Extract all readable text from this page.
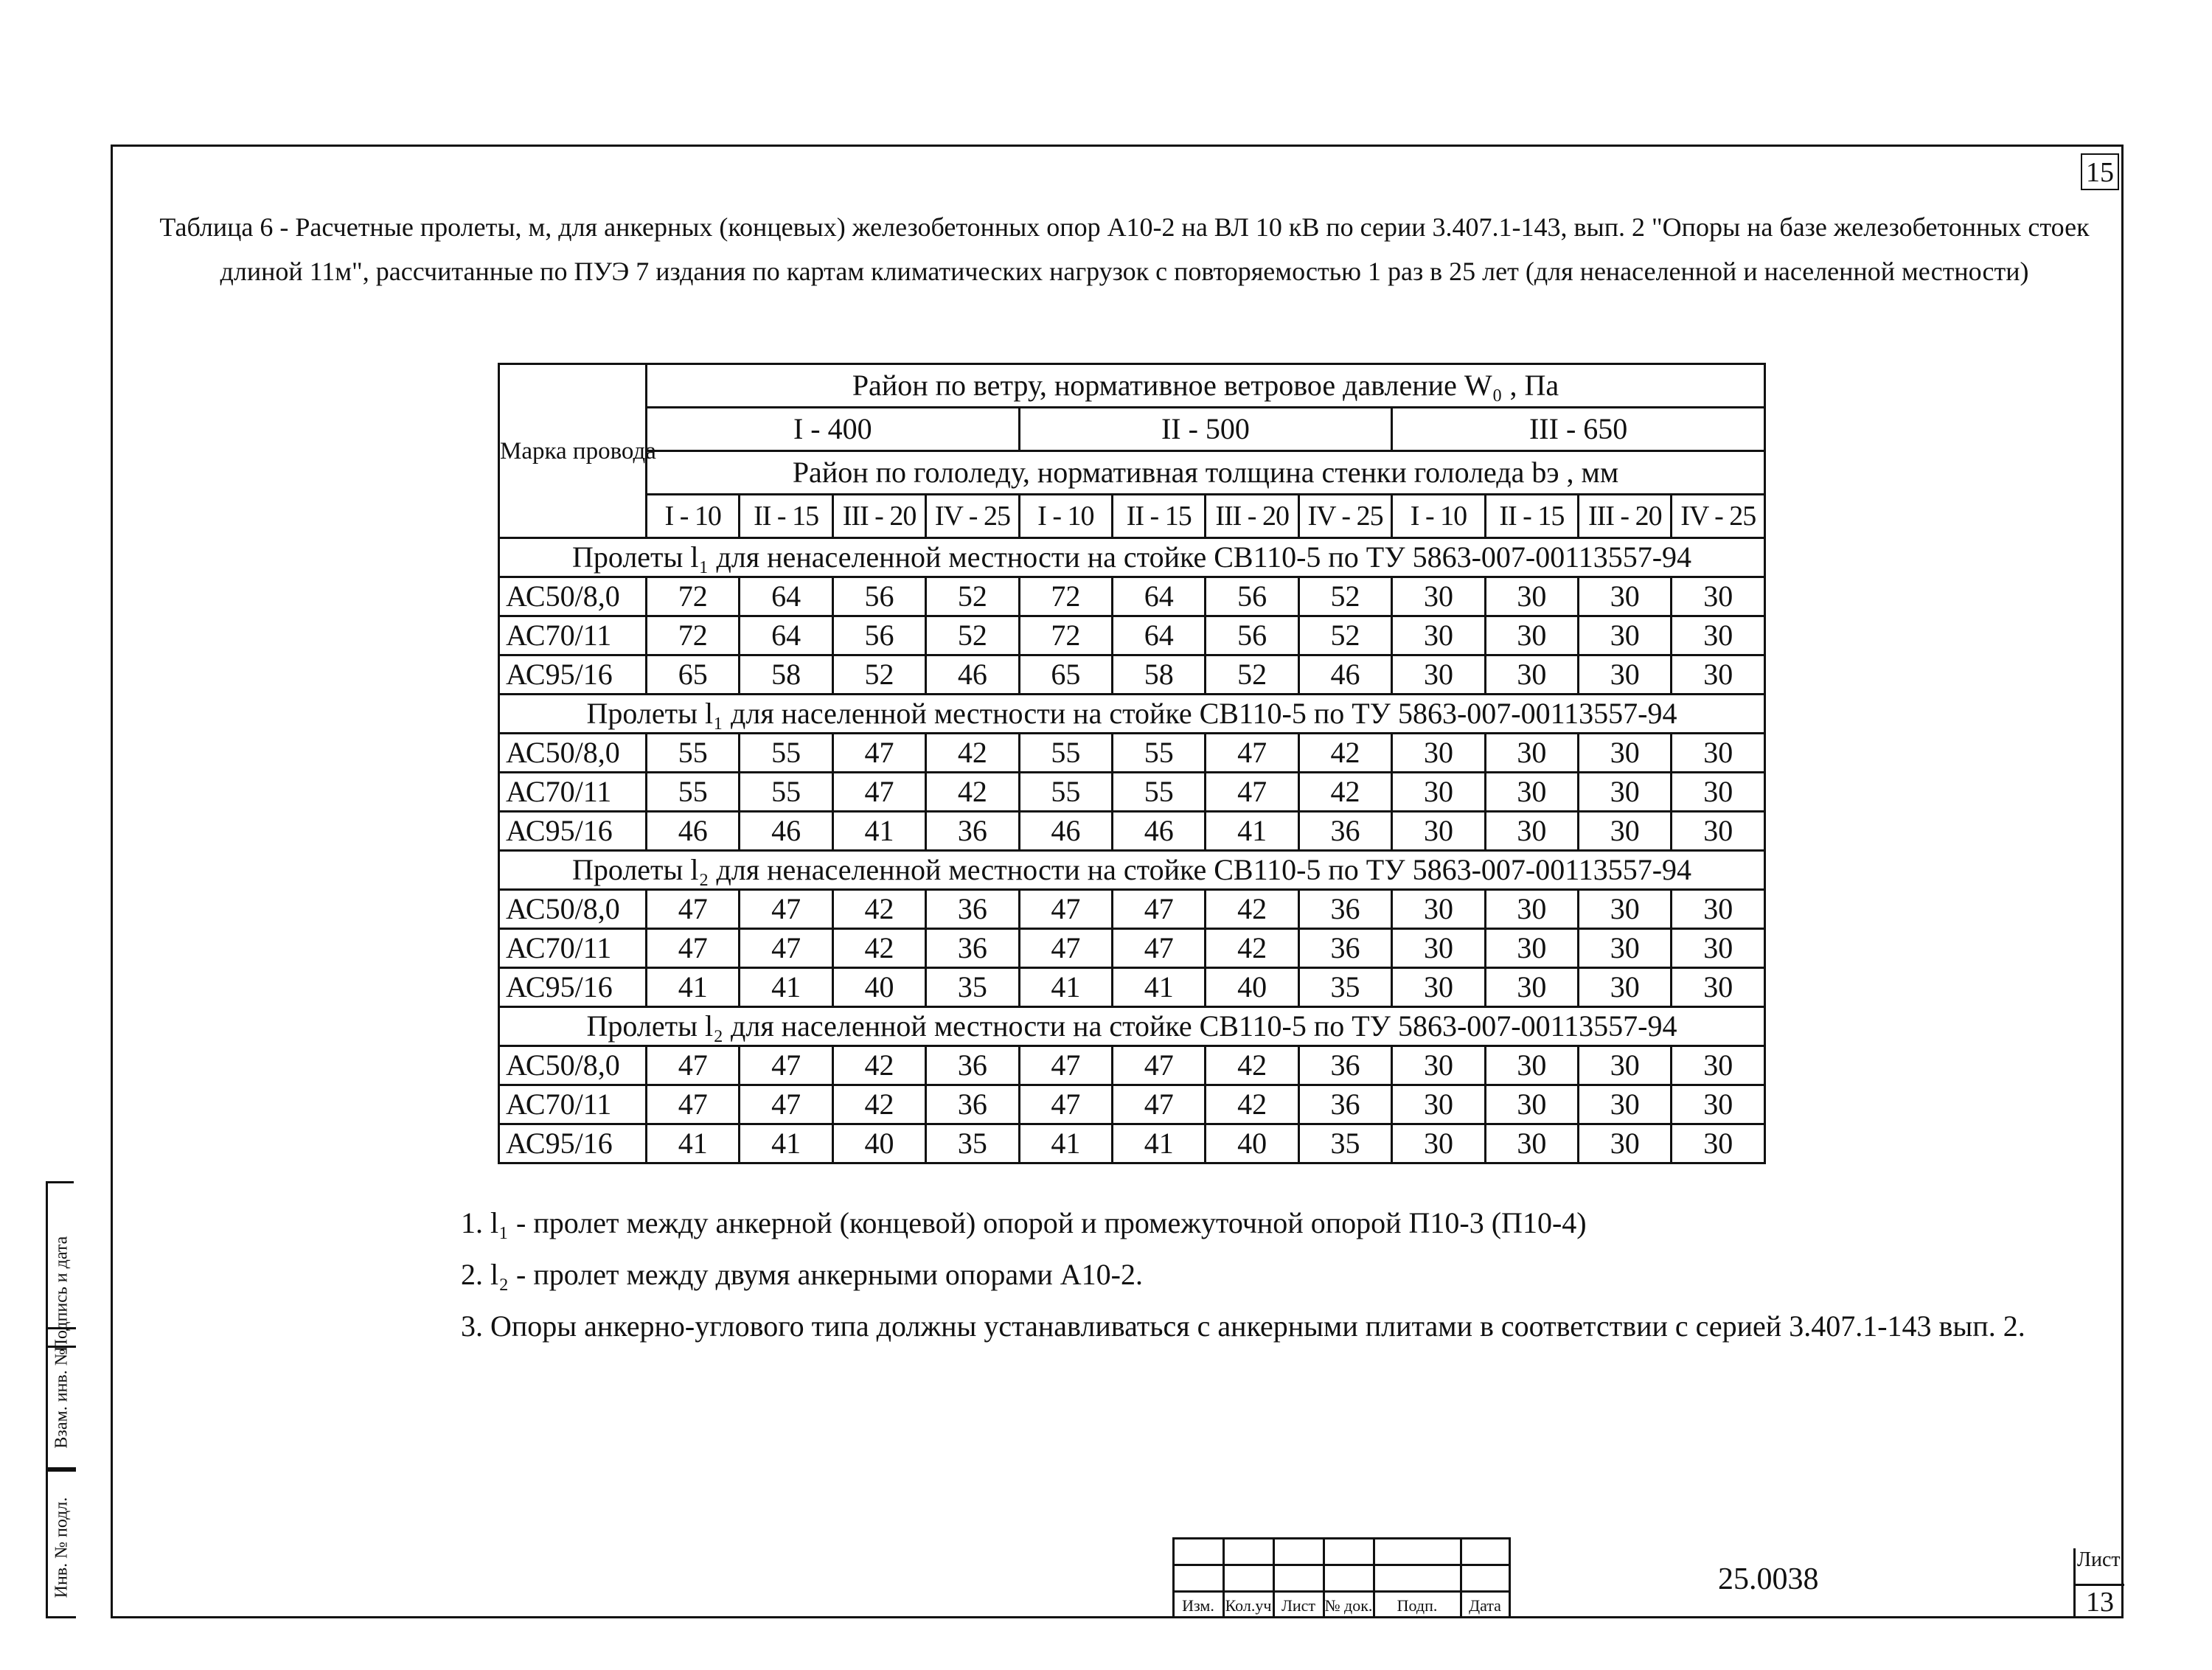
15
Таблица 6 - Расчетные пролеты, м, для анкерных (концевых) железобетонных опор А10-2 на ВЛ 10 кВ по серии 3.407.1-143, вып. 2 "Опоры на базе железобетонных стоек
длиной 11м", рассчитанные по ПУЭ 7 издания по картам климатических нагрузок с повторяемостью 1 раз в 25 лет (для ненаселенной и населенной местности)
Марка провода	Район по ветру, нормативное ветровое давление W₀ , Па											
	I - 400				II - 500				III - 650			
	Район по гололеду, нормативная толщина стенки гололеда bэ , мм											
	I - 10	II - 15	III - 20	IV - 25	I - 10	II - 15	III - 20	IV - 25	I - 10	II - 15	III - 20	IV - 25
Пролеты l₁ для ненаселенной местности на стойке СВ110-5 по ТУ 5863-007-00113557-94												
АС50/8,0	72	64	56	52	72	64	56	52	30	30	30	30
АС70/11	72	64	56	52	72	64	56	52	30	30	30	30
АС95/16	65	58	52	46	65	58	52	46	30	30	30	30
Пролеты l₁ для населенной местности на стойке СВ110-5 по ТУ 5863-007-00113557-94												
АС50/8,0	55	55	47	42	55	55	47	42	30	30	30	30
АС70/11	55	55	47	42	55	55	47	42	30	30	30	30
АС95/16	46	46	41	36	46	46	41	36	30	30	30	30
Пролеты l₂ для ненаселенной местности на стойке СВ110-5 по ТУ 5863-007-00113557-94												
АС50/8,0	47	47	42	36	47	47	42	36	30	30	30	30
АС70/11	47	47	42	36	47	47	42	36	30	30	30	30
АС95/16	41	41	40	35	41	41	40	35	30	30	30	30
Пролеты l₂ для населенной местности на стойке СВ110-5 по ТУ 5863-007-00113557-94												
АС50/8,0	47	47	42	36	47	47	42	36	30	30	30	30
АС70/11	47	47	42	36	47	47	42	36	30	30	30	30
АС95/16	41	41	40	35	41	41	40	35	30	30	30	30
1. l₁ - пролет между анкерной (концевой) опорой и промежуточной опорой П10-3 (П10-4)
2. l₂ - пролет между двумя анкерными опорами А10-2.
3. Опоры анкерно-углового типа должны устанавливаться с анкерными плитами в соответствии с серией 3.407.1-143 вып. 2.
Взам. инв. №
Инв. № подл.
Подпись и дата
Изм. Кол.уч Лист № док.	Подп.	Дата
25.0038
Лист
13
